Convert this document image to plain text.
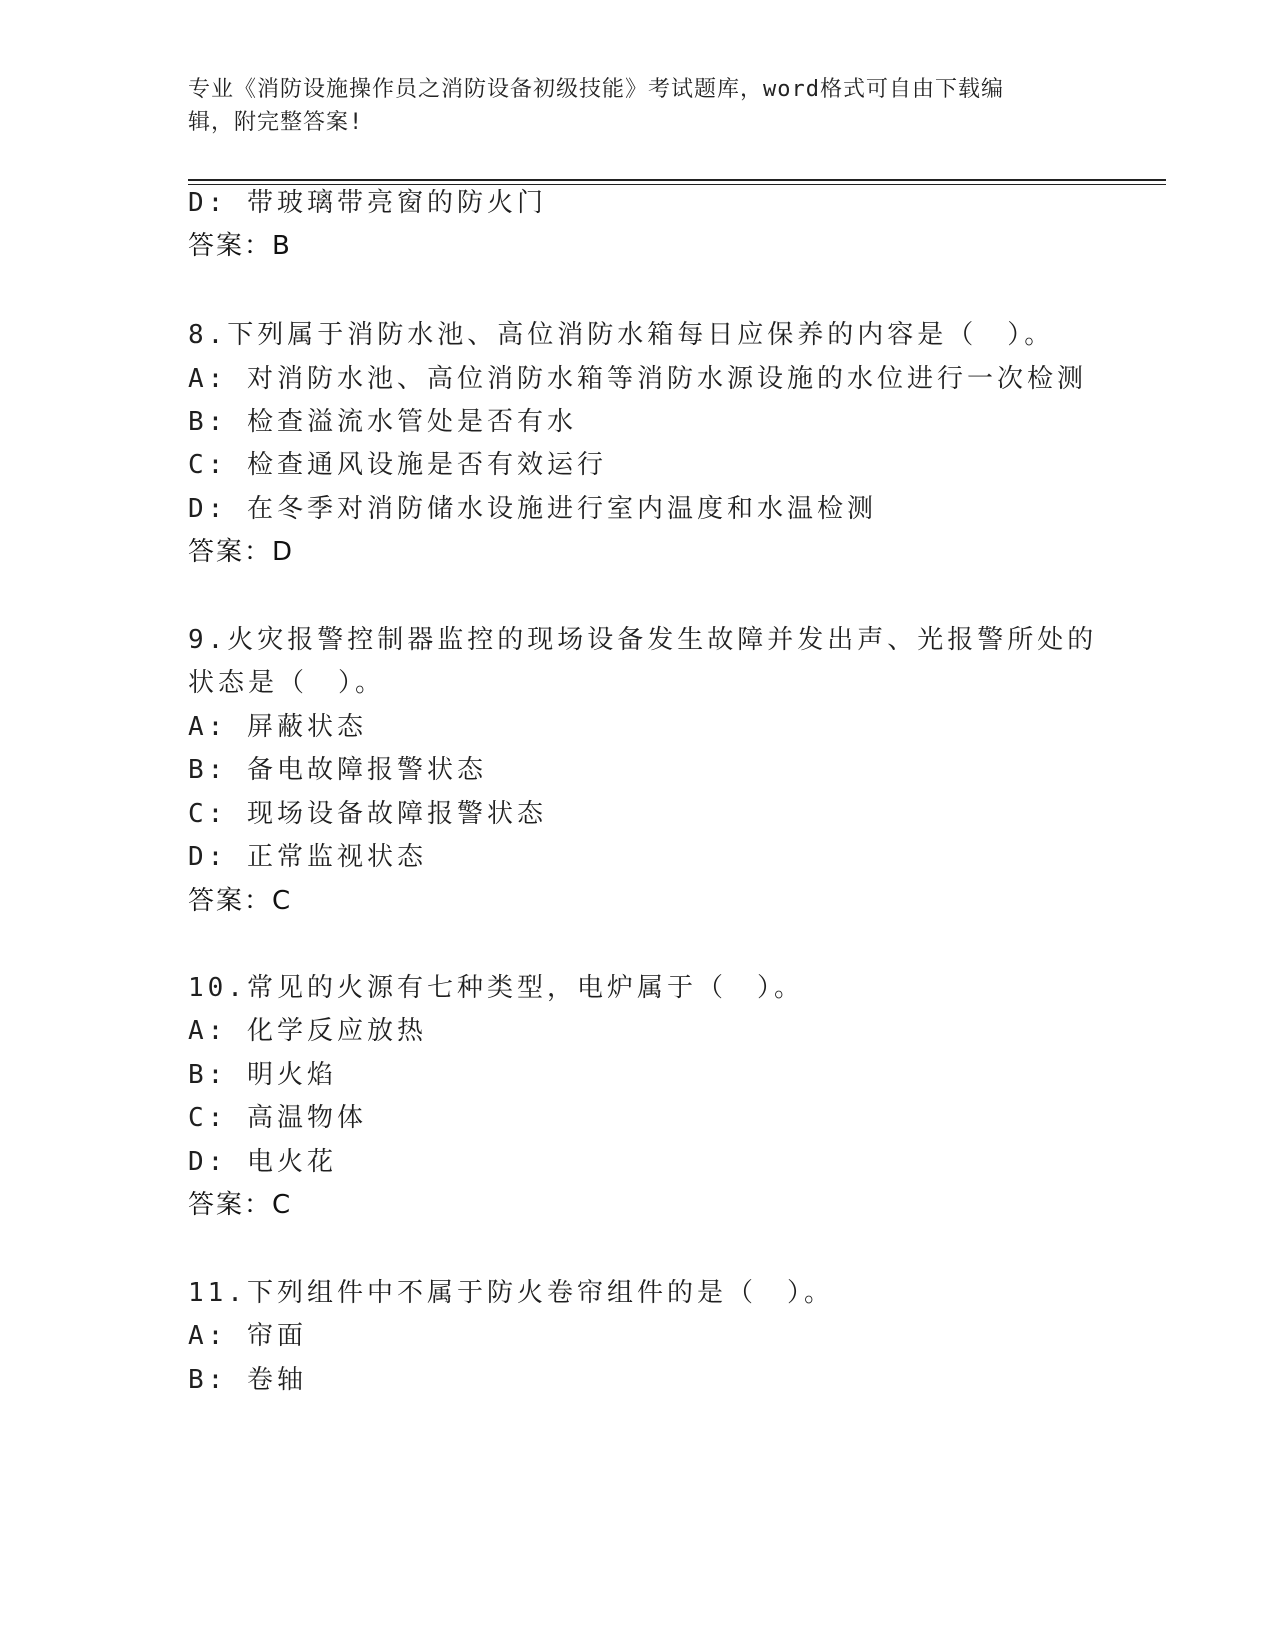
专业《消防设施操作员之消防设备初级技能》考试题库，word格式可自由下载编
辑，附完整答案!
D: 带玻璃带亮窗的防火门
答案：B
8.下列属于消防水池、高位消防水箱每日应保养的内容是（　）。
A: 对消防水池、高位消防水箱等消防水源设施的水位进行一次检测
B: 检查溢流水管处是否有水
C: 检查通风设施是否有效运行
D: 在冬季对消防储水设施进行室内温度和水温检测
答案：D
9.火灾报警控制器监控的现场设备发生故障并发出声、光报警所处的
状态是（　）。
A: 屏蔽状态
B: 备电故障报警状态
C: 现场设备故障报警状态
D: 正常监视状态
答案：C
10.常见的火源有七种类型，电炉属于（　）。
A: 化学反应放热
B: 明火焰
C: 高温物体
D: 电火花
答案：C
11.下列组件中不属于防火卷帘组件的是（　）。
A: 帘面
B: 卷轴
